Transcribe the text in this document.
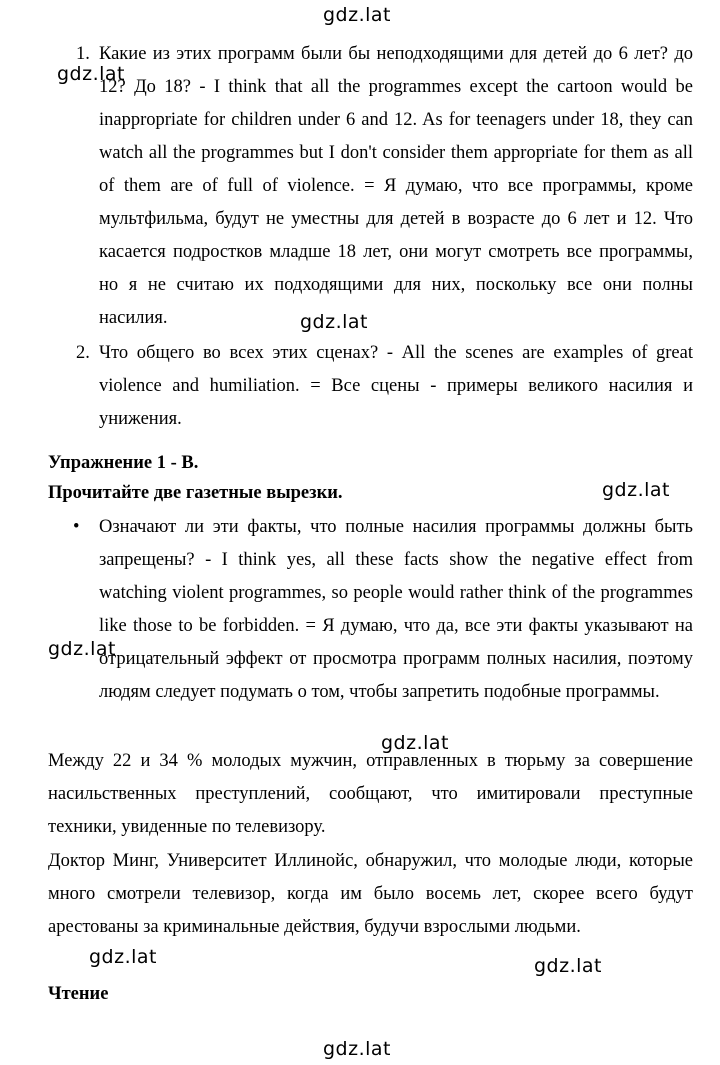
gdz.lat
gdz.lat
gdz.lat
gdz.lat
gdz.lat
gdz.lat
gdz.lat	gdz.lat
gdz.lat
1. Какие из этих программ были бы неподходящими для детей до 6 лет? до 12? До 18? - I think that all the programmes except the cartoon would be inappropriate for children under 6 and 12. As for teenagers under 18, they can watch all the programmes but I don't consider them appropriate for them as all of them are of full of violence. = Я думаю, что все программы, кроме мультфильма, будут не уместны для детей в возрасте до 6 лет и 12. Что касается подростков младше 18 лет, они могут смотреть все программы, но я не считаю их подходящими для них, поскольку все они полны насилия.
2. Что общего во всех этих сценах? - All the scenes are examples of great violence and humiliation. = Все сцены - примеры великого насилия и унижения.
Упражнение 1 - B.
Прочитайте две газетные вырезки.
• Означают ли эти факты, что полные насилия программы должны быть запрещены? - I think yes, all these facts show the negative effect from watching violent programmes, so people would rather think of the programmes like those to be forbidden. = Я думаю, что да, все эти факты указывают на отрицательный эффект от просмотра программ полных насилия, поэтому людям следует подумать о том, чтобы запретить подобные программы.
Между 22 и 34 % молодых мужчин, отправленных в тюрьму за совершение насильственных преступлений, сообщают, что имитировали преступные техники, увиденные по телевизору.
Доктор Минг, Университет Иллинойс, обнаружил, что молодые люди, которые много смотрели телевизор, когда им было восемь лет, скорее всего будут арестованы за криминальные действия, будучи взрослыми людьми.
Чтение
